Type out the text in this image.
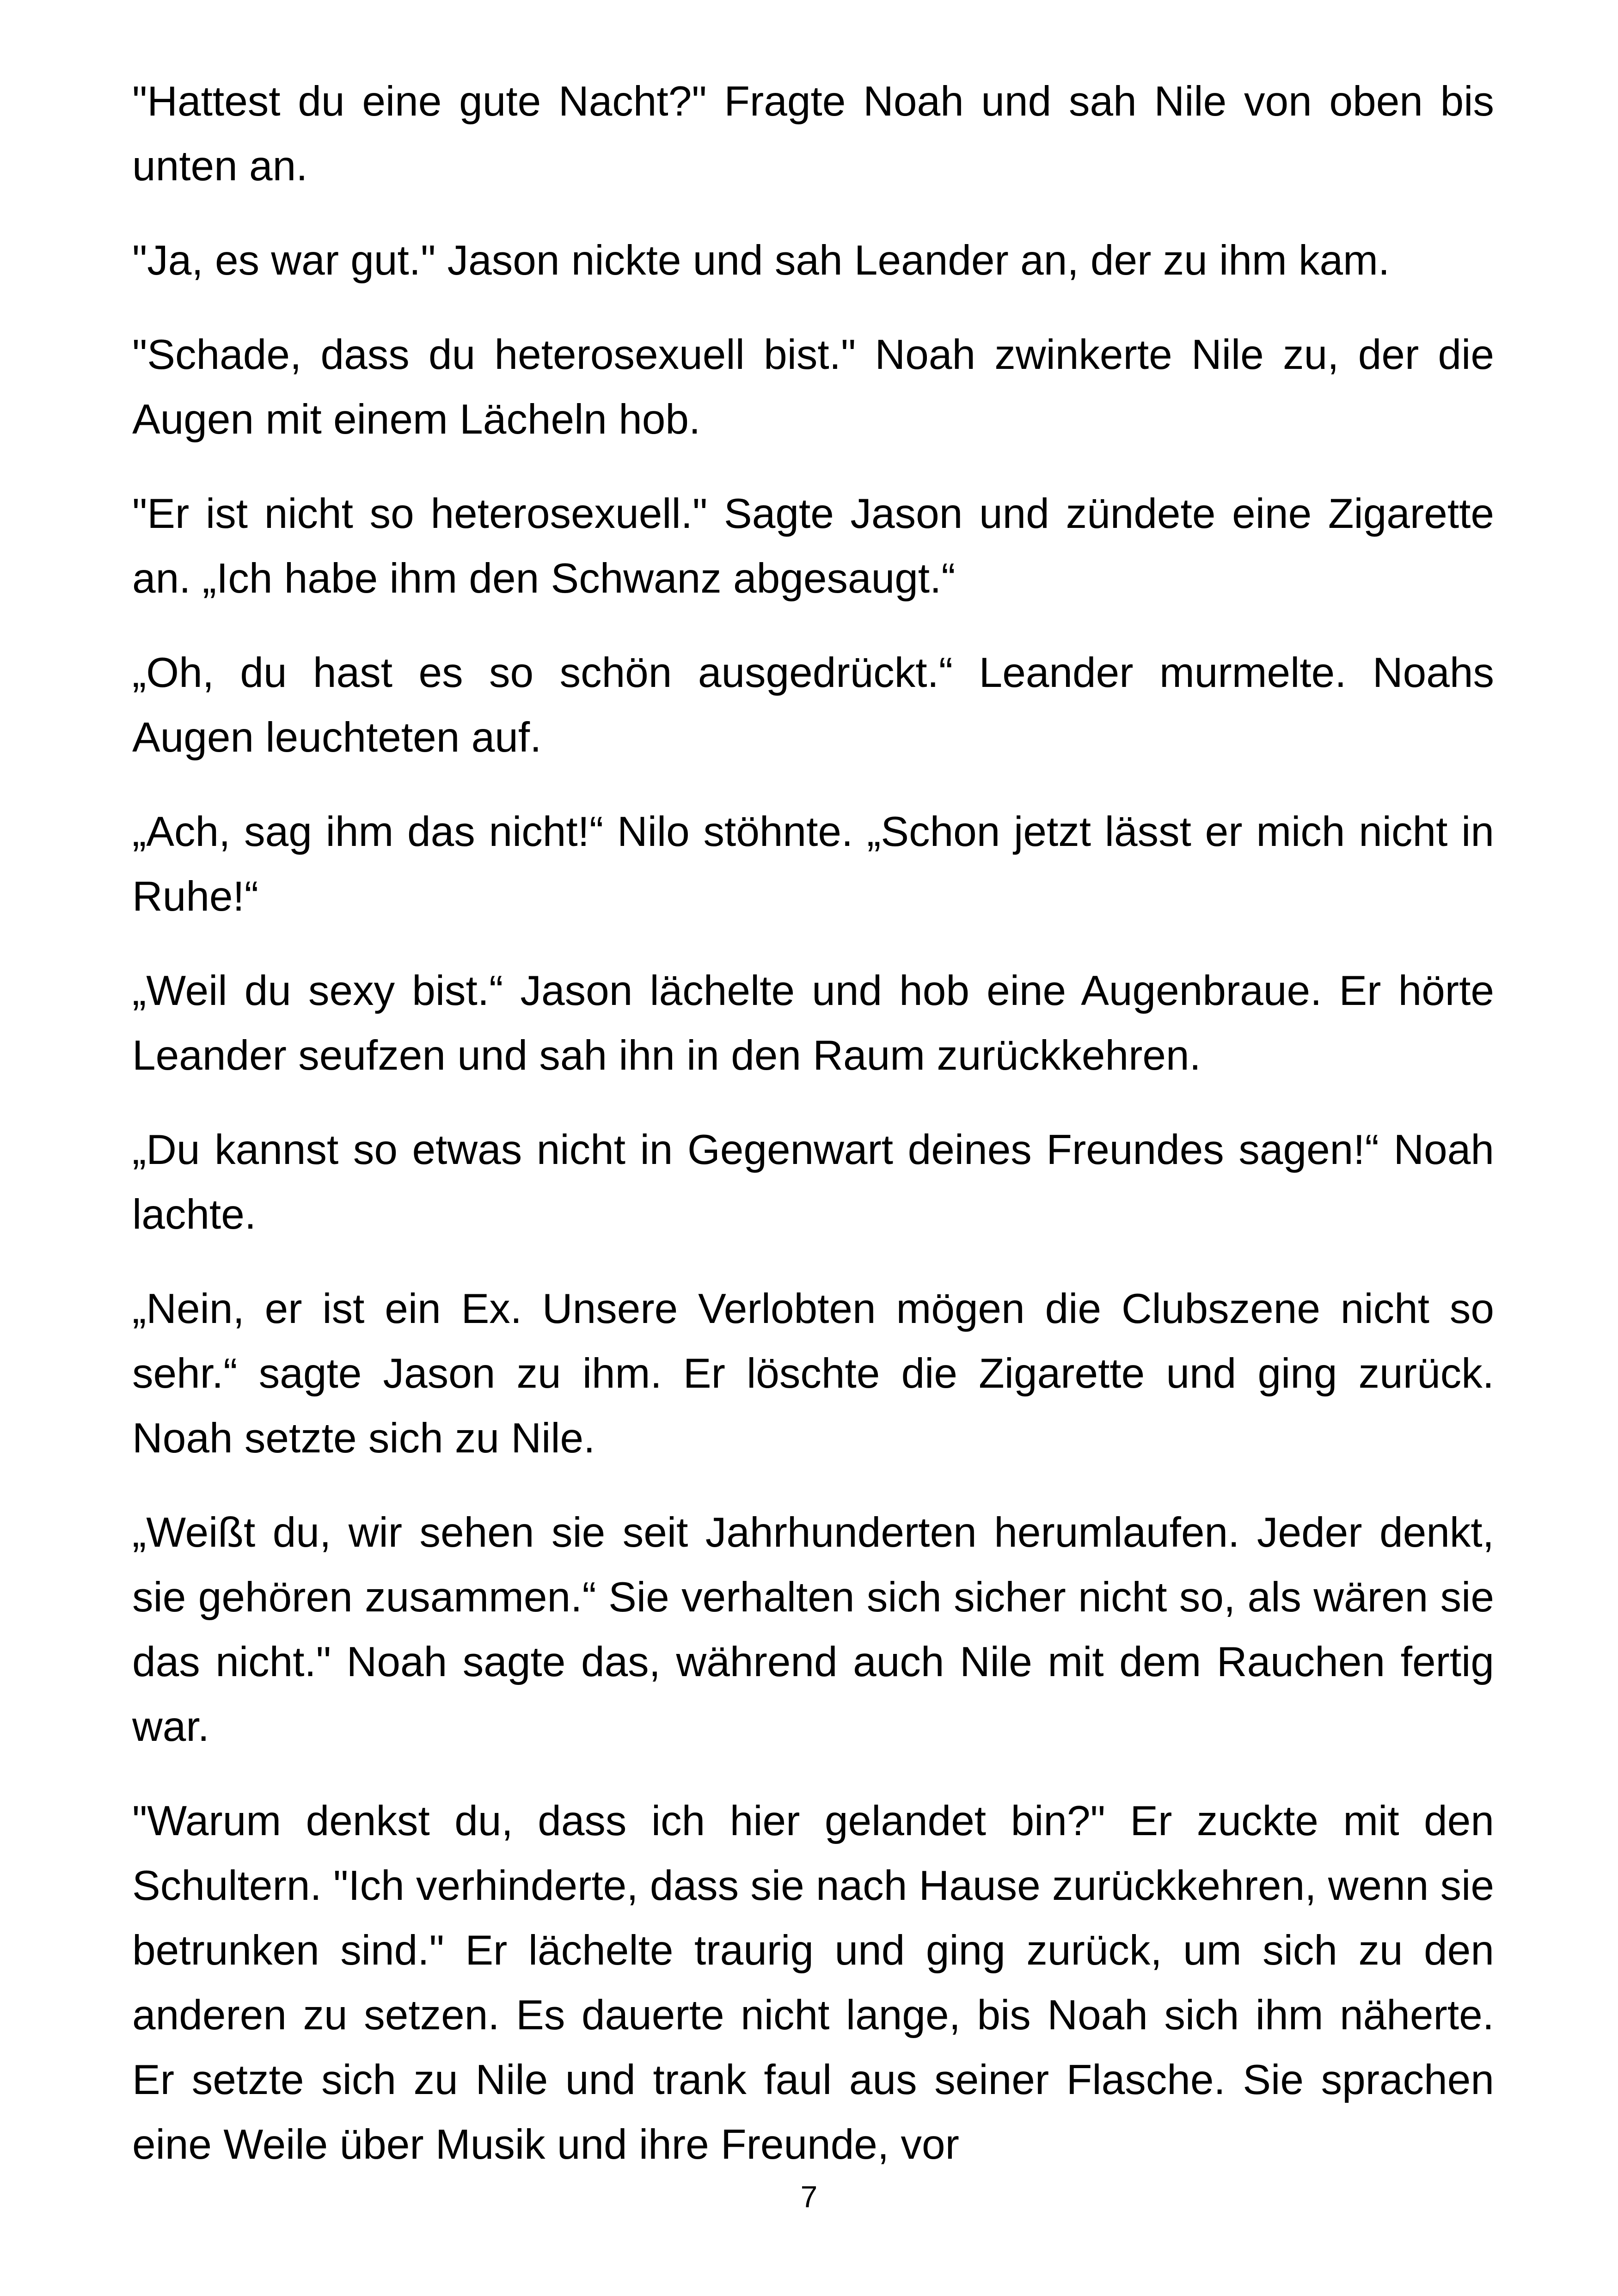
"Hattest du eine gute Nacht?" Fragte Noah und sah Nile von oben bis unten an.

"Ja, es war gut." Jason nickte und sah Leander an, der zu ihm kam.

"Schade, dass du heterosexuell bist." Noah zwinkerte Nile zu, der die Augen mit einem Lächeln hob.

"Er ist nicht so heterosexuell." Sagte Jason und zündete eine Zigarette an. „Ich habe ihm den Schwanz abgesaugt.“

„Oh, du hast es so schön ausgedrückt.“ Leander murmelte. Noahs Augen leuchteten auf.

„Ach, sag ihm das nicht!“ Nilo stöhnte. „Schon jetzt lässt er mich nicht in Ruhe!“

„Weil du sexy bist.“ Jason lächelte und hob eine Augenbraue. Er hörte Leander seufzen und sah ihn in den Raum zurückkehren.

„Du kannst so etwas nicht in Gegenwart deines Freundes sagen!“ Noah lachte.

„Nein, er ist ein Ex. Unsere Verlobten mögen die Clubszene nicht so sehr.“ sagte Jason zu ihm. Er löschte die Zigarette und ging zurück. Noah setzte sich zu Nile.

„Weißt du, wir sehen sie seit Jahrhunderten herumlaufen. Jeder denkt, sie gehören zusammen.“ Sie verhalten sich sicher nicht so, als wären sie das nicht." Noah sagte das, während auch Nile mit dem Rauchen fertig war.

"Warum denkst du, dass ich hier gelandet bin?" Er zuckte mit den Schultern. "Ich verhinderte, dass sie nach Hause zurückkehren, wenn sie betrunken sind." Er lächelte traurig und ging zurück, um sich zu den anderen zu setzen. Es dauerte nicht lange, bis Noah sich ihm näherte. Er setzte sich zu Nile und trank faul aus seiner Flasche. Sie sprachen eine Weile über Musik und ihre Freunde, vor

7
